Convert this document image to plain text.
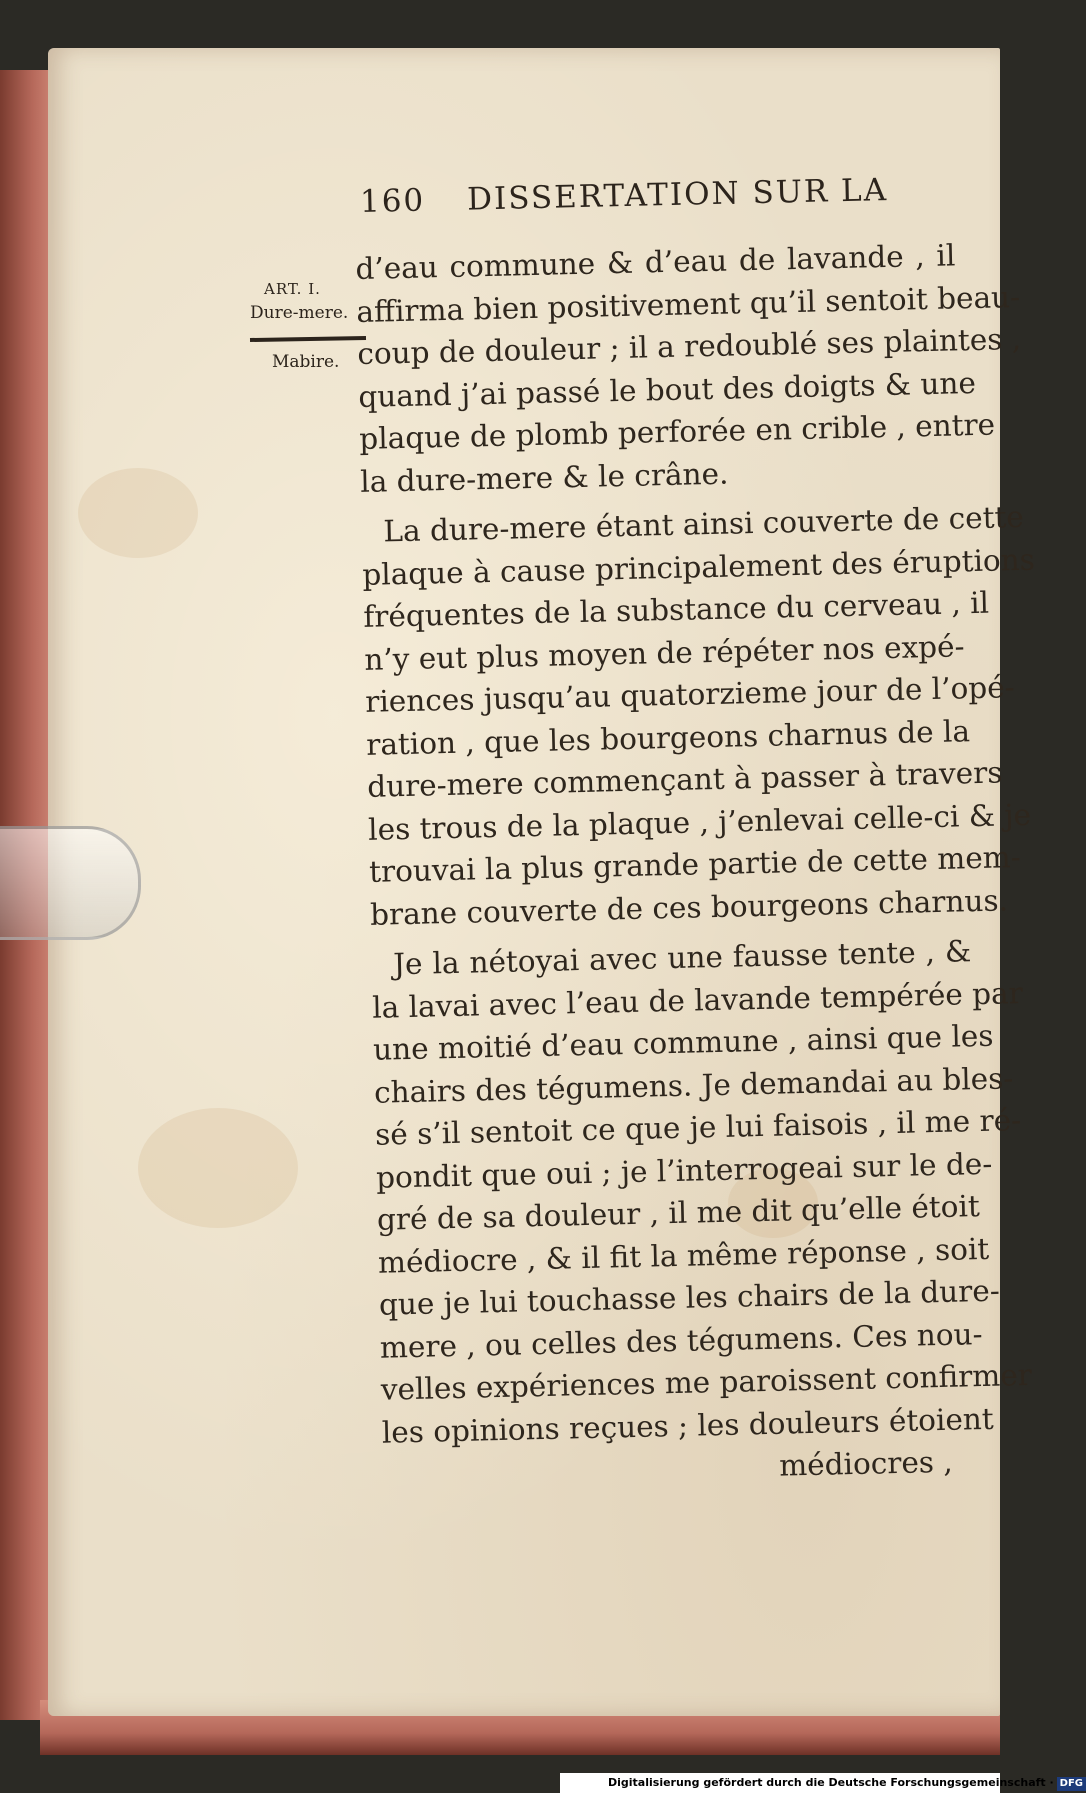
160 DISSERTATION SUR LA
ART. I.
Dure-mere.
Mabire.
d’eau commune & d’eau de lavande , il
affirma bien positivement qu’il sentoit beau-
coup de douleur ; il a redoublé ses plaintes ,
quand j’ai passé le bout des doigts & une
plaque de plomb perforée en crible , entre
la dure-mere & le crâne.
La dure-mere étant ainsi couverte de cette
plaque à cause principalement des éruptions
fréquentes de la substance du cerveau , il
n’y eut plus moyen de répéter nos expé-
riences jusqu’au quatorzieme jour de l’opé-
ration , que les bourgeons charnus de la
dure-mere commençant à passer à travers
les trous de la plaque , j’enlevai celle-ci & je
trouvai la plus grande partie de cette mem-
brane couverte de ces bourgeons charnus.
Je la nétoyai avec une fausse tente , &
la lavai avec l’eau de lavande tempérée par
une moitié d’eau commune , ainsi que les
chairs des tégumens. Je demandai au bles-
sé s’il sentoit ce que je lui faisois , il me ré-
pondit que oui ; je l’interrogeai sur le de-
gré de sa douleur , il me dit qu’elle étoit
médiocre , & il fit la même réponse , soit
que je lui touchasse les chairs de la dure-
mere , ou celles des tégumens. Ces nou-
velles expériences me paroissent confirmer
les opinions reçues ; les douleurs étoient
médiocres ,
Digitalisierung gefördert durch die Deutsche Forschungsgemeinschaft · DFG
